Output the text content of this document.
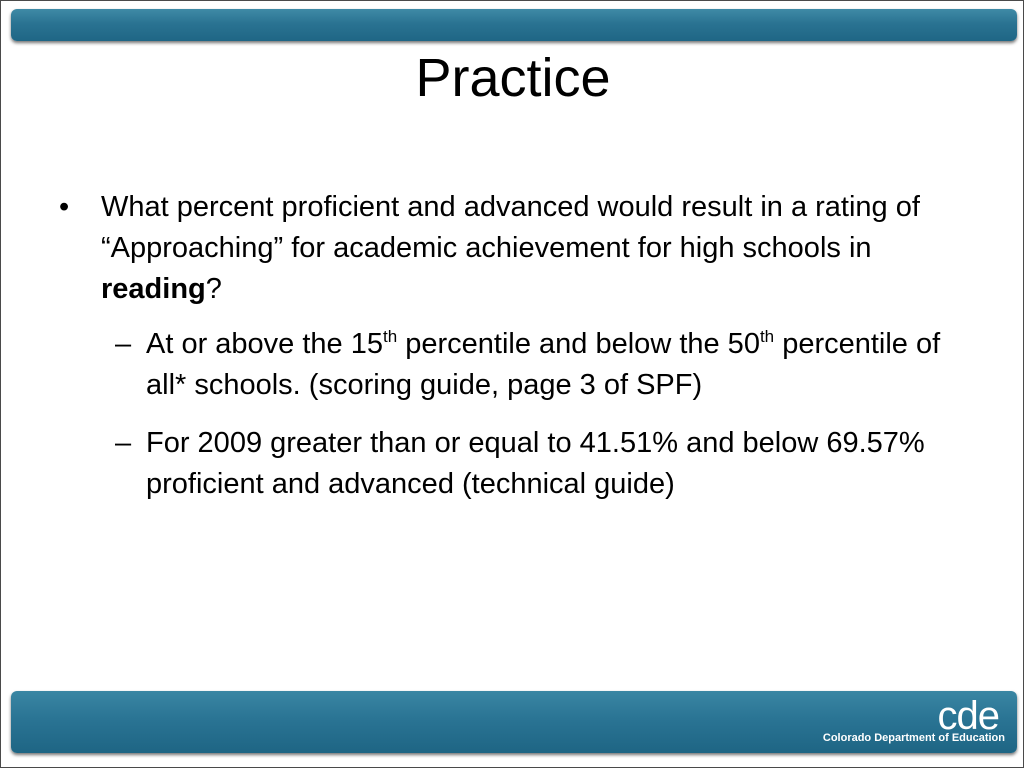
Practice
• What percent proficient and advanced would result in a rating of “Approaching” for academic achievement for high schools in reading?
– At or above the 15th percentile and below the 50th percentile of all* schools. (scoring guide, page 3 of SPF)
– For 2009 greater than or equal to 41.51% and below 69.57% proficient and advanced (technical guide)
cde
Colorado Department of Education
